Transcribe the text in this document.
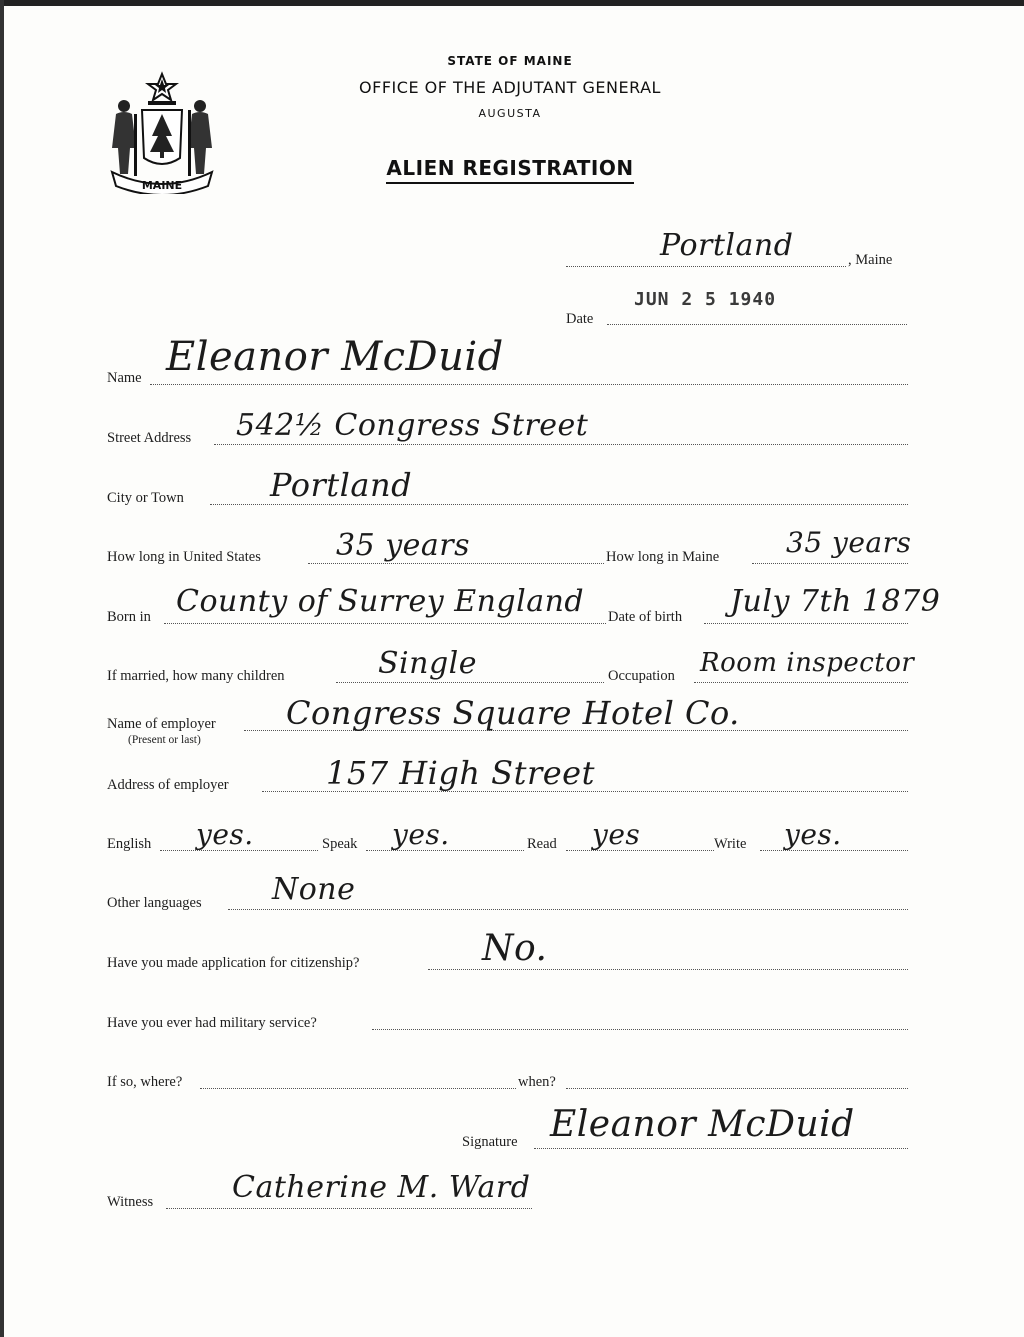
MAINE
STATE OF MAINE
OFFICE OF THE ADJUTANT GENERAL
AUGUSTA
ALIEN REGISTRATION
Portland	, Maine
JUN 2 5 1940
Date
Name Eleanor McDuid
Street Address 542½ Congress Street
City or Town	Portland
How long in United States	35 years	How long in Maine 35 years
Born in County of Surrey England Date of birth July 7th 1879
If married, how many children	Single	Occupation Room inspector
Name of employer
(Present or last)
Congress Square Hotel Co.
Address of employer	157 High Street
English yes.	Speak yes.	Read yes	Write yes.
Other languages None
Have you made application for citizenship?	No.
Have you ever had military service?
If so, where?	when?
Signature Eleanor McDuid
Witness	Catherine M. Ward
